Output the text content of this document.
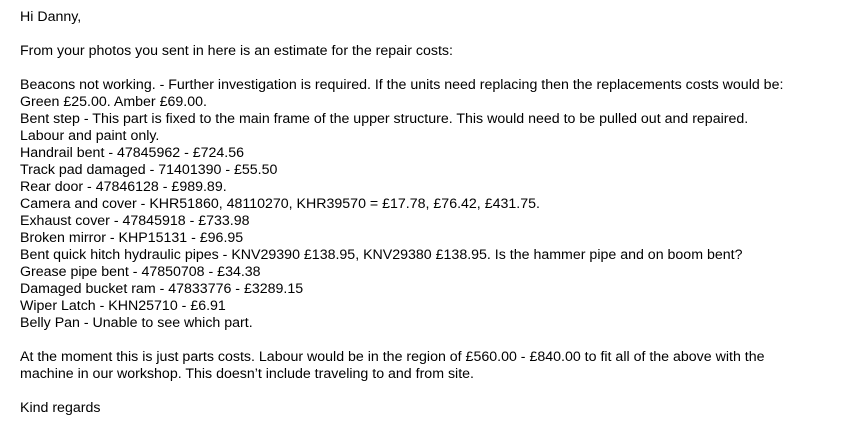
Hi Danny,
From your photos you sent in here is an estimate for the repair costs:
Beacons not working. - Further investigation is required. If the units need replacing then the replacements costs would be:
Green £25.00. Amber £69.00.
Bent step - This part is fixed to the main frame of the upper structure. This would need to be pulled out and repaired.
Labour and paint only.
Handrail bent - 47845962 - £724.56
Track pad damaged - 71401390 - £55.50
Rear door - 47846128 - £989.89.
Camera and cover - KHR51860, 48110270, KHR39570 = £17.78, £76.42, £431.75.
Exhaust cover - 47845918 - £733.98
Broken mirror - KHP15131 - £96.95
Bent quick hitch hydraulic pipes - KNV29390 £138.95, KNV29380 £138.95. Is the hammer pipe and on boom bent?
Grease pipe bent - 47850708 - £34.38
Damaged bucket ram - 47833776 - £3289.15
Wiper Latch - KHN25710 - £6.91
Belly Pan - Unable to see which part.
At the moment this is just parts costs. Labour would be in the region of £560.00 - £840.00 to fit all of the above with the
machine in our workshop. This doesn’t include traveling to and from site.
Kind regards
